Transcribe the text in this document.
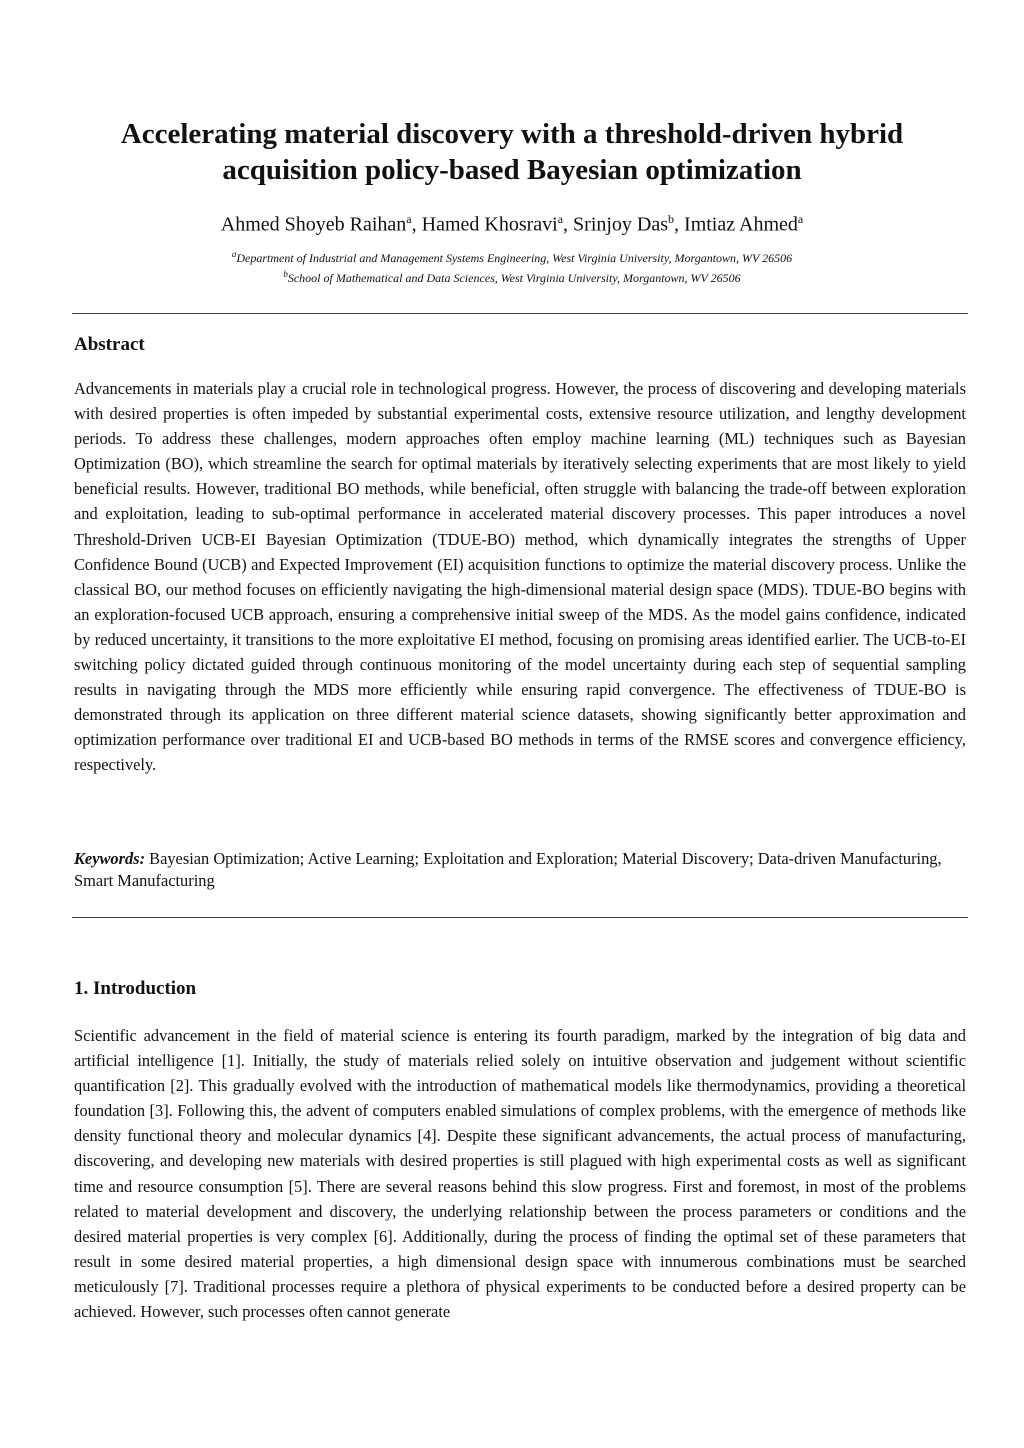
Accelerating material discovery with a threshold-driven hybrid
acquisition policy-based Bayesian optimization

Ahmed Shoyeb Raihan$^a$, Hamed Khosravi$^a$, Srinjoy Das$^b$, Imtiaz Ahmed$^a$

$^a$Department of Industrial and Management Systems Engineering, West Virginia University, Morgantown, WV 26506
$^b$School of Mathematical and Data Sciences, West Virginia University, Morgantown, WV 26506
Abstract

Advancements in materials play a crucial role in technological progress. However, the process of discovering and developing materials with desired properties is often impeded by substantial experimental costs, extensive resource utilization, and lengthy development periods. To address these challenges, modern approaches often employ machine learning (ML) techniques such as Bayesian Optimization (BO), which streamline the search for optimal materials by iteratively selecting experiments that are most likely to yield beneficial results. However, traditional BO methods, while beneficial, often struggle with balancing the trade-off between exploration and exploitation, leading to sub-optimal performance in accelerated material discovery processes. This paper introduces a novel Threshold-Driven UCB-EI Bayesian Optimization (TDUE-BO) method, which dynamically integrates the strengths of Upper Confidence Bound (UCB) and Expected Improvement (EI) acquisition functions to optimize the material discovery process. Unlike the classical BO, our method focuses on efficiently navigating the high-dimensional material design space (MDS). TDUE-BO begins with an exploration-focused UCB approach, ensuring a comprehensive initial sweep of the MDS. As the model gains confidence, indicated by reduced uncertainty, it transitions to the more exploitative EI method, focusing on promising areas identified earlier. The UCB-to-EI switching policy dictated guided through continuous monitoring of the model uncertainty during each step of sequential sampling results in navigating through the MDS more efficiently while ensuring rapid convergence. The effectiveness of TDUE-BO is demonstrated through its application on three different material science datasets, showing significantly better approximation and optimization performance over traditional EI and UCB-based BO methods in terms of the RMSE scores and convergence efficiency, respectively.

Keywords: Bayesian Optimization; Active Learning; Exploitation and Exploration; Material Discovery; Data-driven Manufacturing, Smart Manufacturing

1. Introduction

Scientific advancement in the field of material science is entering its fourth paradigm, marked by the integration of big data and artificial intelligence [1]. Initially, the study of materials relied solely on intuitive observation and judgement without scientific quantification [2]. This gradually evolved with the introduction of mathematical models like thermodynamics, providing a theoretical foundation [3]. Following this, the advent of computers enabled simulations of complex problems, with the emergence of methods like density functional theory and molecular dynamics [4]. Despite these significant advancements, the actual process of manufacturing, discovering, and developing new materials with desired properties is still plagued with high experimental costs as well as significant time and resource consumption [5]. There are several reasons behind this slow progress. First and foremost, in most of the problems related to material development and discovery, the underlying relationship between the process parameters or conditions and the desired material properties is very complex [6]. Additionally, during the process of finding the optimal set of these parameters that result in some desired material properties, a high dimensional design space with innumerous combinations must be searched meticulously [7]. Traditional processes require a plethora of physical experiments to be conducted before a desired property can be achieved. However, such processes often cannot generate
